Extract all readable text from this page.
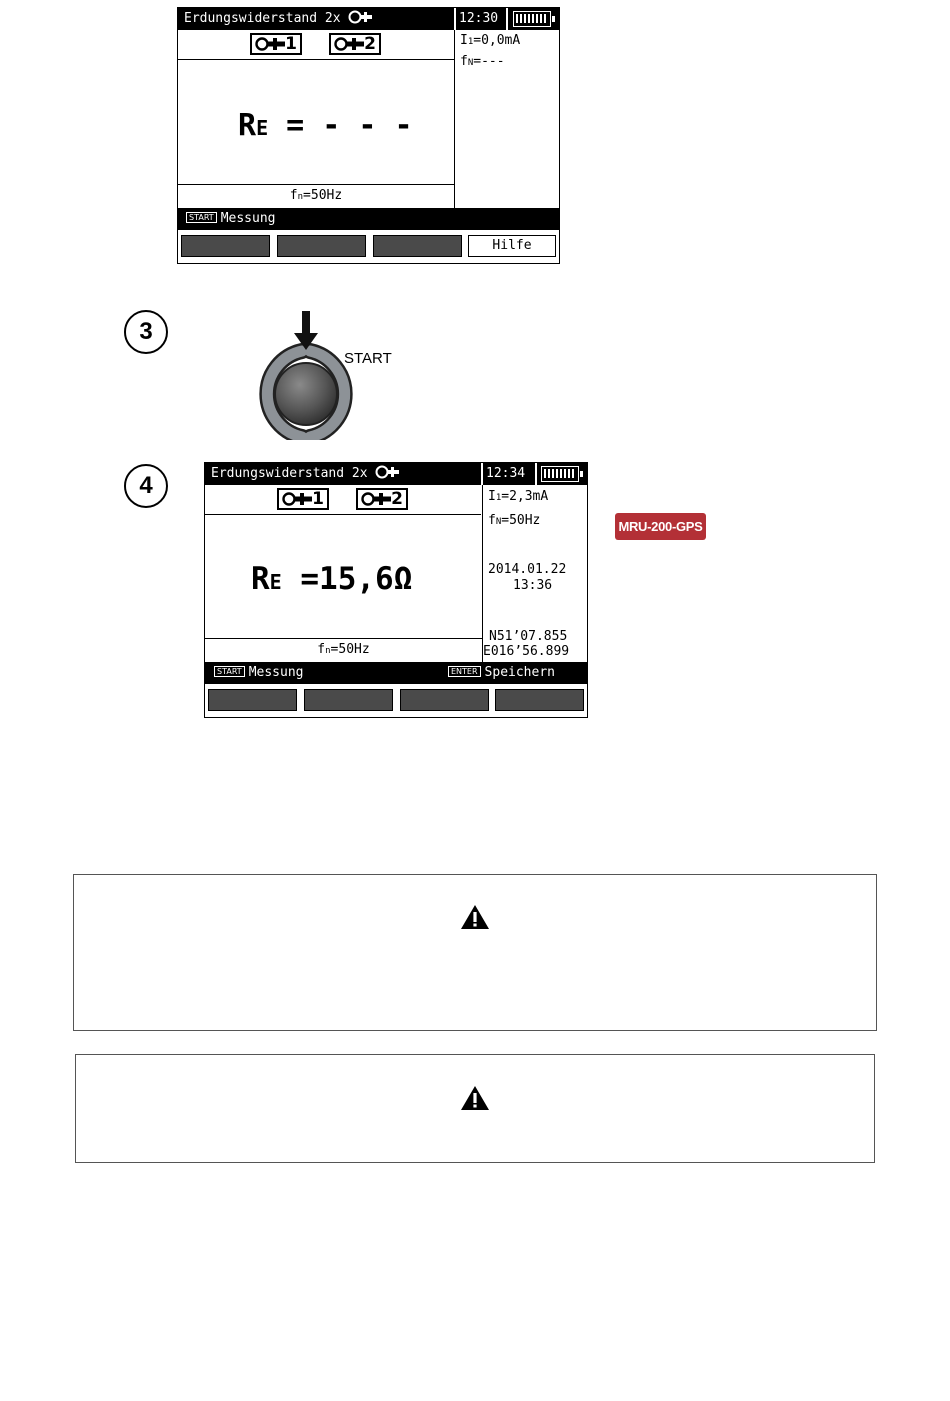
Erdungswiderstand 2x	12:30
1	2
RE = - - -
fn=50Hz
I1=0,0mA
fN=---
START Messung
Hilfe
3
START
4	Erdungswiderstand 2x	12:34
1	2
RE =15,6Ω
fn=50Hz
I1=2,3mA
fN=50Hz
2014.01.22
13:36
N51’07.855
E016’56.899
START Messung	ENTER Speichern
MRU-200-GPS
